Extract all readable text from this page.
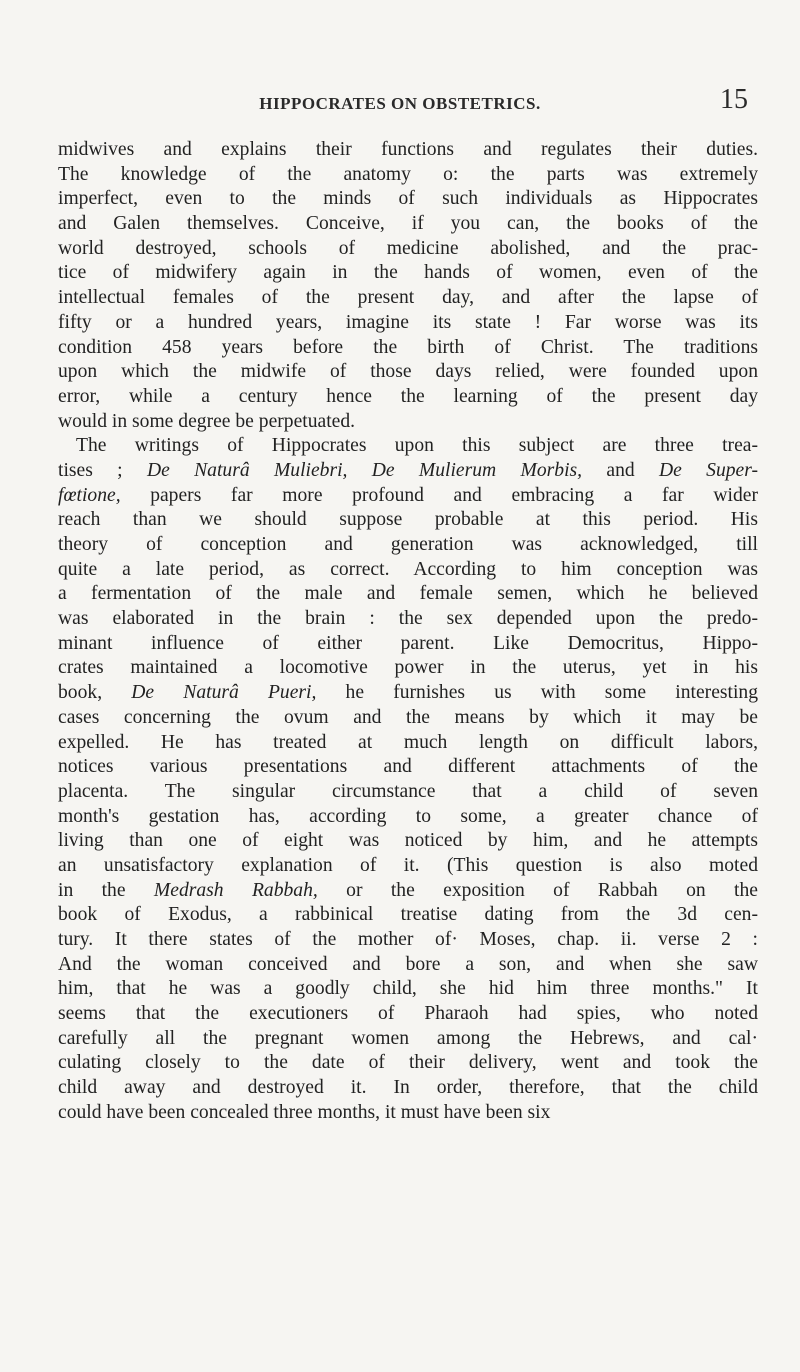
HIPPOCRATES ON OBSTETRICS.	15
midwives and explains their functions and regulates their duties.
The knowledge of the anatomy o: the parts was extremely
imperfect, even to the minds of such individuals as Hippocrates
and Galen themselves. Conceive, if you can, the books of the
world destroyed, schools of medicine abolished, and the prac-
tice of midwifery again in the hands of women, even of the
intellectual females of the present day, and after the lapse of
fifty or a hundred years, imagine its state ! Far worse was its
condition 458 years before the birth of Christ. The traditions
upon which the midwife of those days relied, were founded upon
error, while a century hence the learning of the present day
would in some degree be perpetuated.
The writings of Hippocrates upon this subject are three trea-
tises ; De Naturâ Muliebri, De Mulierum Morbis, and De Super-
fœtione, papers far more profound and embracing a far wider
reach than we should suppose probable at this period. His
theory of conception and generation was acknowledged, till
quite a late period, as correct. According to him conception was
a fermentation of the male and female semen, which he believed
was elaborated in the brain : the sex depended upon the predo-
minant influence of either parent. Like Democritus, Hippo-
crates maintained a locomotive power in the uterus, yet in his
book, De Naturâ Pueri, he furnishes us with some interesting
cases concerning the ovum and the means by which it may be
expelled. He has treated at much length on difficult labors,
notices various presentations and different attachments of the
placenta. The singular circumstance that a child of seven
month's gestation has, according to some, a greater chance of
living than one of eight was noticed by him, and he attempts
an unsatisfactory explanation of it. (This question is also moted
in the Medrash Rabbah, or the exposition of Rabbah on the
book of Exodus, a rabbinical treatise dating from the 3d cen-
tury. It there states of the mother of· Moses, chap. ii. verse 2 :
And the woman conceived and bore a son, and when she saw
him, that he was a goodly child, she hid him three months." It
seems that the executioners of Pharaoh had spies, who noted
carefully all the pregnant women among the Hebrews, and cal·
culating closely to the date of their delivery, went and took the
child away and destroyed it. In order, therefore, that the child
could have been concealed three months, it must have been six
